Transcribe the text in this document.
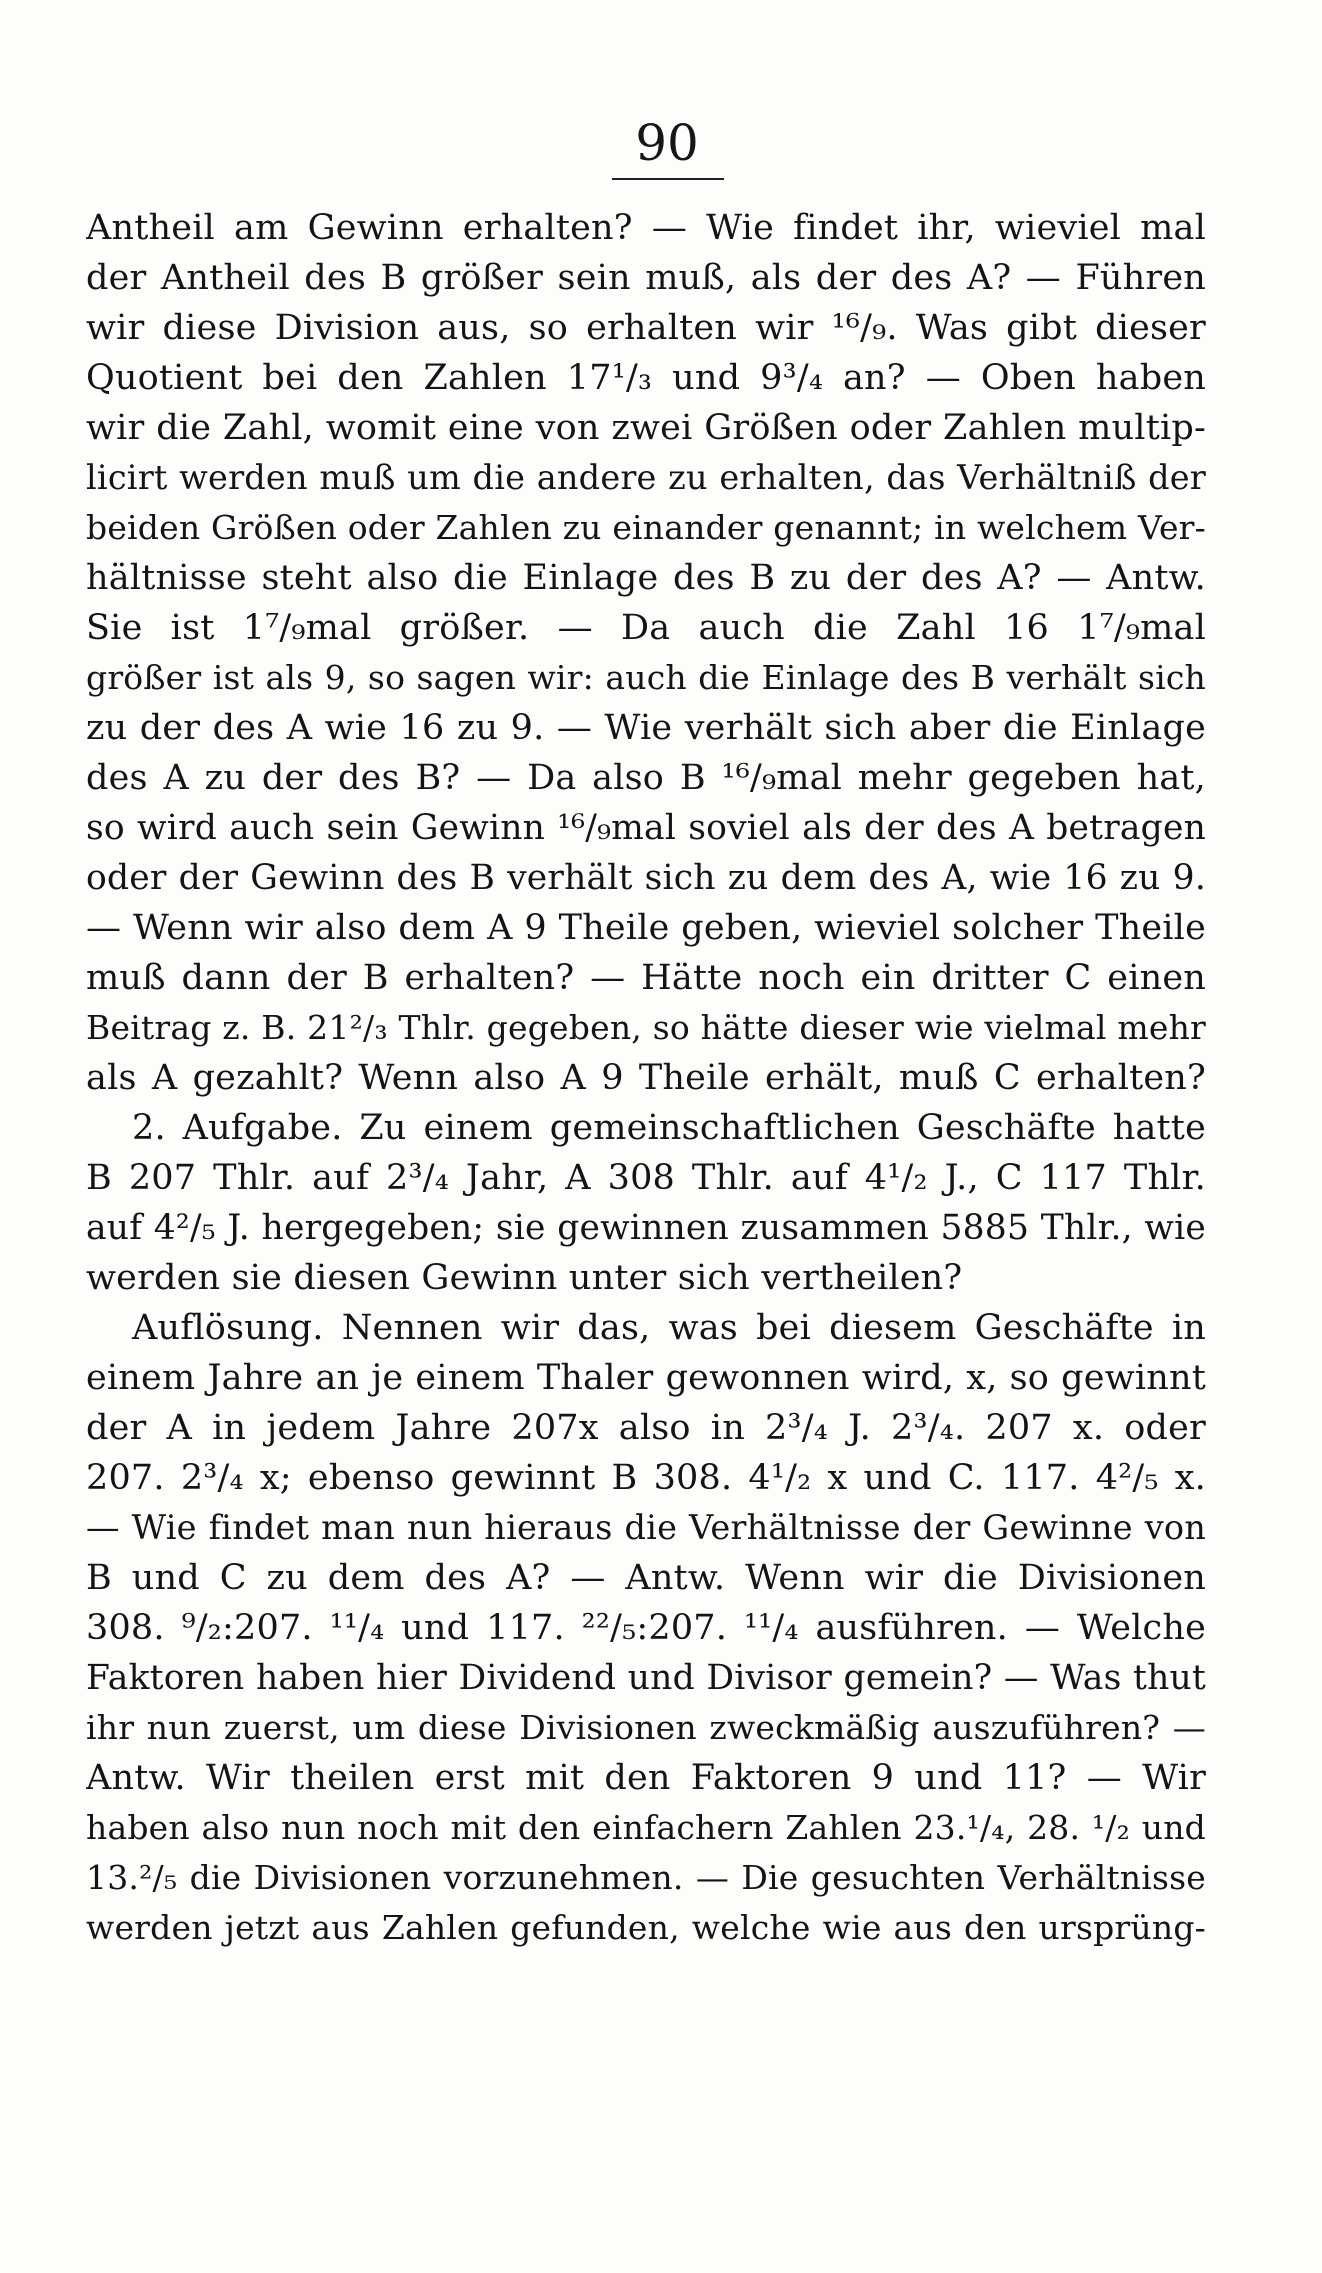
90
Antheil am Gewinn erhalten? — Wie findet ihr, wieviel mal
der Antheil des B größer sein muß, als der des A? — Führen
wir diese Division aus, so erhalten wir ¹⁶/₉. Was gibt dieser
Quotient bei den Zahlen 17¹/₃ und 9³/₄ an? — Oben haben
wir die Zahl, womit eine von zwei Größen oder Zahlen multip-
licirt werden muß um die andere zu erhalten, das Verhältniß der
beiden Größen oder Zahlen zu einander genannt; in welchem Ver-
hältnisse steht also die Einlage des B zu der des A? — Antw.
Sie ist 1⁷/₉mal größer. — Da auch die Zahl 16 1⁷/₉mal
größer ist als 9, so sagen wir: auch die Einlage des B verhält sich
zu der des A wie 16 zu 9. — Wie verhält sich aber die Einlage
des A zu der des B? — Da also B ¹⁶/₉mal mehr gegeben hat,
so wird auch sein Gewinn ¹⁶/₉mal soviel als der des A betragen
oder der Gewinn des B verhält sich zu dem des A, wie 16 zu 9.
— Wenn wir also dem A 9 Theile geben, wieviel solcher Theile
muß dann der B erhalten? — Hätte noch ein dritter C einen
Beitrag z. B. 21²/₃ Thlr. gegeben, so hätte dieser wie vielmal mehr
als A gezahlt? Wenn also A 9 Theile erhält, muß C erhalten?
2. Aufgabe. Zu einem gemeinschaftlichen Geschäfte hatte
B 207 Thlr. auf 2³/₄ Jahr, A 308 Thlr. auf 4¹/₂ J., C 117 Thlr.
auf 4²/₅ J. hergegeben; sie gewinnen zusammen 5885 Thlr., wie
werden sie diesen Gewinn unter sich vertheilen?
Auflösung. Nennen wir das, was bei diesem Geschäfte in
einem Jahre an je einem Thaler gewonnen wird, x, so gewinnt
der A in jedem Jahre 207x also in 2³/₄ J. 2³/₄. 207 x. oder
207. 2³/₄ x; ebenso gewinnt B 308. 4¹/₂ x und C. 117. 4²/₅ x.
— Wie findet man nun hieraus die Verhältnisse der Gewinne von
B und C zu dem des A? — Antw. Wenn wir die Divisionen
308. ⁹/₂:207. ¹¹/₄ und 117. ²²/₅:207. ¹¹/₄ ausführen. — Welche
Faktoren haben hier Dividend und Divisor gemein? — Was thut
ihr nun zuerst, um diese Divisionen zweckmäßig auszuführen? —
Antw. Wir theilen erst mit den Faktoren 9 und 11? — Wir
haben also nun noch mit den einfachern Zahlen 23.¹/₄, 28. ¹/₂ und
13.²/₅ die Divisionen vorzunehmen. — Die gesuchten Verhältnisse
werden jetzt aus Zahlen gefunden, welche wie aus den ursprüng-
